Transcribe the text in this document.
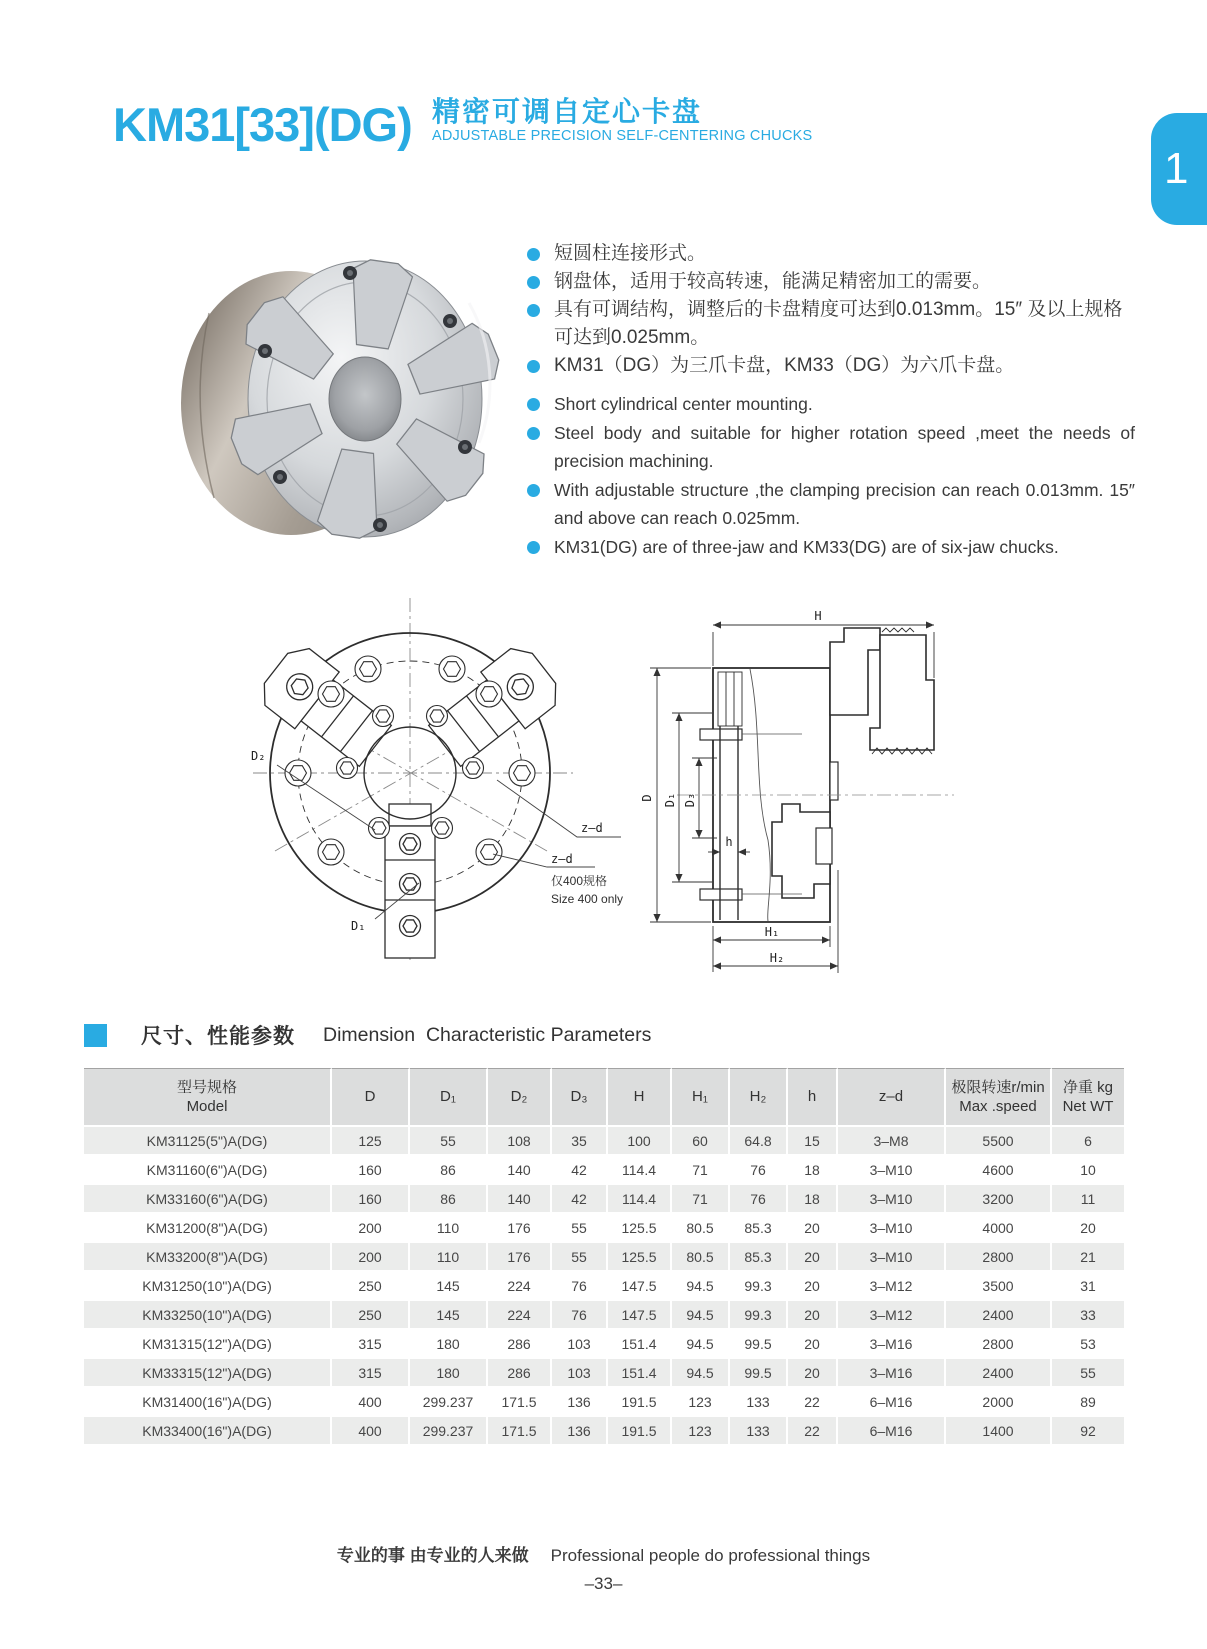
KM31[33](DG) 精密可调自定心卡盘
ADJUSTABLE PRECISION SELF-CENTERING CHUCKS
1
短圆柱连接形式。
钢盘体，适用于较高转速，能满足精密加工的需要。
具有可调结构，调整后的卡盘精度可达到0.013mm。15″ 及以上规格可达到0.025mm。
KM31（DG）为三爪卡盘，KM33（DG）为六爪卡盘。
Short cylindrical center mounting.
Steel body and suitable for higher rotation speed ,meet the needs of precision machining.
With adjustable structure ,the clamping precision can reach 0.013mm. 15″ and above can reach 0.025mm.
KM31(DG) are of three-jaw and KM33(DG) are of six-jaw chucks.
D₂
D₁
z–d
z–d
仅400规格
Size 400 only
H
D D₁ D₃
h
H₁
H₂
尺寸、性能参数 Dimension  Characteristic Parameters
型号规格
Model

D	D₁	D₂	D₃	H	H₁	H₂	h	z–d

极限转速r/min
Max .speed

净重 kg
Net WT

KM31125(5")A(DG)	125	55	108	35	100	60	64.8	15	3–M8	5500	6
KM31160(6")A(DG)	160	86	140	42	114.4	71	76	18	3–M10	4600	10
KM33160(6")A(DG)	160	86	140	42	114.4	71	76	18	3–M10	3200	11
KM31200(8")A(DG)	200	110	176	55	125.5	80.5	85.3	20	3–M10	4000	20
KM33200(8")A(DG)	200	110	176	55	125.5	80.5	85.3	20	3–M10	2800	21
KM31250(10")A(DG)	250	145	224	76	147.5	94.5	99.3	20	3–M12	3500	31
KM33250(10")A(DG)	250	145	224	76	147.5	94.5	99.3	20	3–M12	2400	33
KM31315(12")A(DG)	315	180	286	103	151.4	94.5	99.5	20	3–M16	2800	53
KM33315(12")A(DG)	315	180	286	103	151.4	94.5	99.5	20	3–M16	2400	55
KM31400(16")A(DG)	400	299.237	171.5	136	191.5	123	133	22	6–M16	2000	89
KM33400(16")A(DG)	400	299.237	171.5	136	191.5	123	133	22	6–M16	1400	92
专业的事 由专业的人来做 Professional people do professional things
–33–
